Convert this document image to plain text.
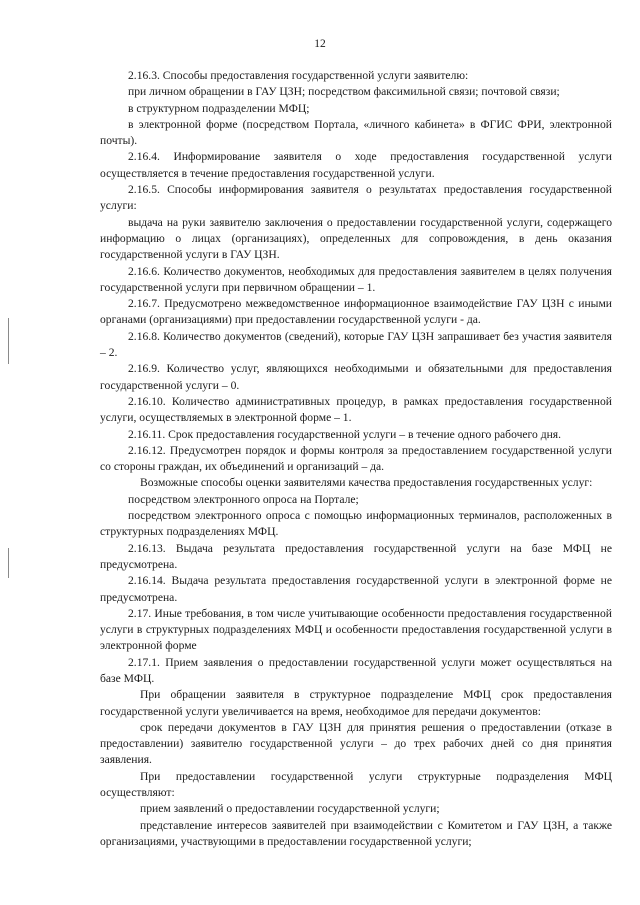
12

2.16.3. Способы предоставления государственной услуги заявителю:

при личном обращении в ГАУ ЦЗН; посредством факсимильной связи; почтовой связи;

в структурном подразделении МФЦ;

в электронной форме (посредством Портала, «личного кабинета» в ФГИС ФРИ, электронной почты).

2.16.4. Информирование заявителя о ходе предоставления государственной услуги осуществляется в течение предоставления государственной услуги.

2.16.5. Способы информирования заявителя о результатах предоставления государственной услуги:

выдача на руки заявителю заключения о предоставлении государственной услуги, содержащего информацию о лицах (организациях), определенных для сопровождения, в день оказания государственной услуги в ГАУ ЦЗН.

2.16.6. Количество документов, необходимых для предоставления заявителем в целях получения государственной услуги при первичном обращении – 1.

2.16.7. Предусмотрено межведомственное информационное взаимодействие ГАУ ЦЗН с иными органами (организациями) при предоставлении государственной услуги - да.

2.16.8. Количество документов (сведений), которые ГАУ ЦЗН запрашивает без участия заявителя – 2.

2.16.9. Количество услуг, являющихся необходимыми и обязательными для предоставления государственной услуги – 0.

2.16.10. Количество административных процедур, в рамках предоставления государственной услуги, осуществляемых в электронной форме – 1.

2.16.11. Срок предоставления государственной услуги – в течение одного рабочего дня.

2.16.12. Предусмотрен порядок и формы контроля за предоставлением государственной услуги со стороны граждан, их объединений и организаций – да.

Возможные способы оценки заявителями качества предоставления государственных услуг:

посредством электронного опроса на Портале;

посредством электронного опроса с помощью информационных терминалов, расположенных в структурных подразделениях МФЦ.

2.16.13. Выдача результата предоставления государственной услуги на базе МФЦ не предусмотрена.

2.16.14. Выдача результата предоставления государственной услуги в электронной форме не предусмотрена.

2.17. Иные требования, в том числе учитывающие особенности предоставления государственной услуги в структурных подразделениях МФЦ и особенности предоставления государственной услуги в электронной форме

2.17.1. Прием заявления о предоставлении государственной услуги может осуществляться на базе МФЦ.

При обращении заявителя в структурное подразделение МФЦ срок предоставления государственной услуги увеличивается на время, необходимое для передачи документов:

срок передачи документов в ГАУ ЦЗН для принятия решения о предоставлении (отказе в предоставлении) заявителю государственной услуги – до трех рабочих дней со дня принятия заявления.

При предоставлении государственной услуги структурные подразделения МФЦ осуществляют:

прием заявлений о предоставлении государственной услуги;

представление интересов заявителей при взаимодействии с Комитетом и ГАУ ЦЗН, а также организациями, участвующими в предоставлении государственной услуги;
